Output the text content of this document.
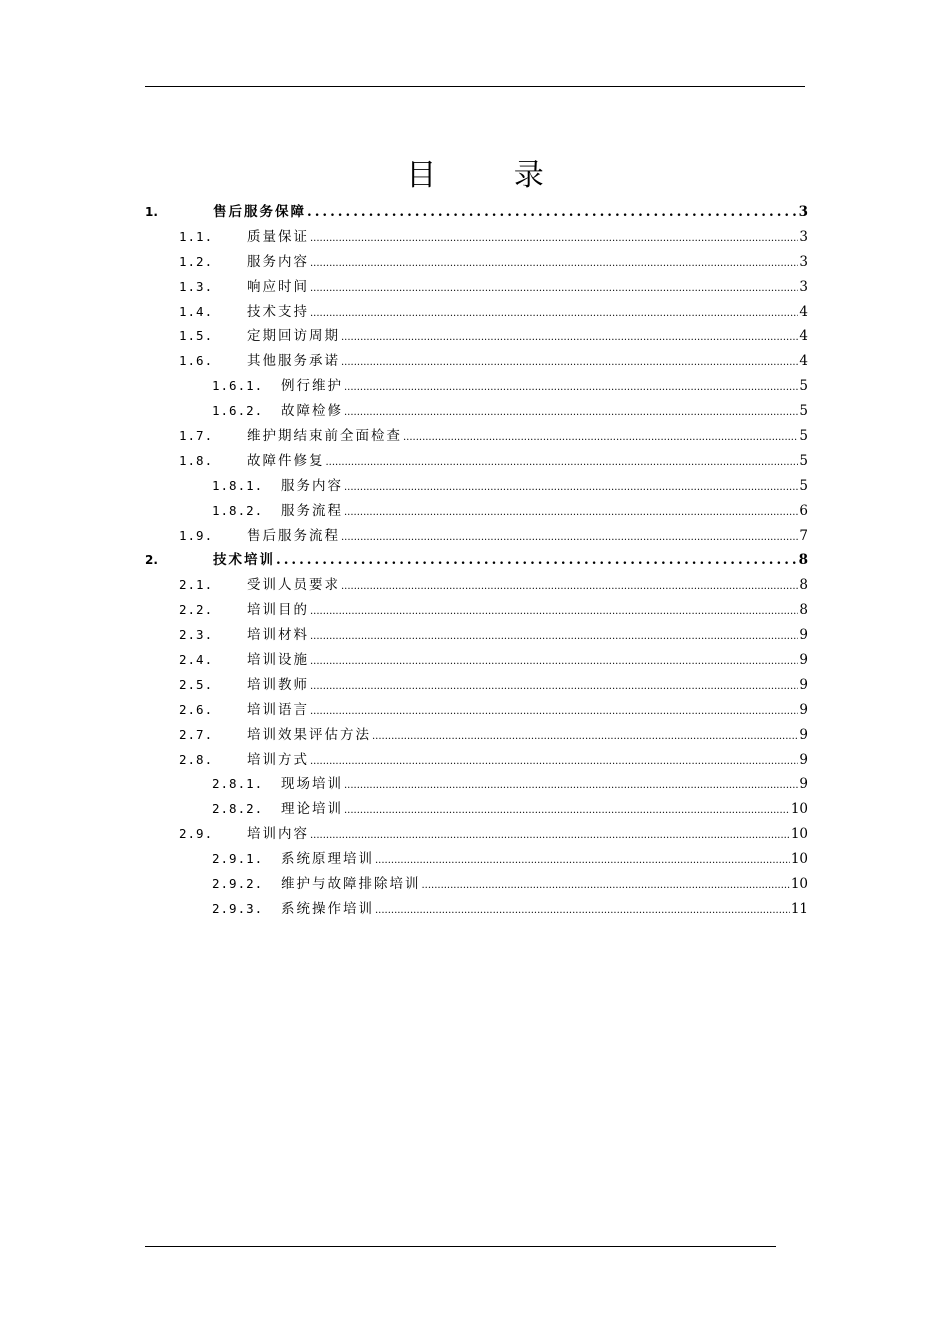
目 录
1.	售后服务保障 .....	3
1.1.	质量保证 .....	3
1.2.	服务内容 .....	3
1.3.	响应时间 .....	3
1.4.	技术支持 .....	4
1.5.	定期回访周期 .....	4
1.6.	其他服务承诺 .....	4
1.6.1. 例行维护 .....	5
1.6.2. 故障检修 .....	5
1.7.	维护期结束前全面检查 .....	5
1.8.	故障件修复 .....	5
1.8.1. 服务内容 .....	5
1.8.2. 服务流程 .....	6
1.9.	售后服务流程 .....	7
2.	技术培训 .....	8
2.1.	受训人员要求 .....	8
2.2.	培训目的 .....	8
2.3.	培训材料 .....	9
2.4.	培训设施 .....	9
2.5.	培训教师 .....	9
2.6.	培训语言 .....	9
2.7.	培训效果评估方法 .....	9
2.8.	培训方式 .....	9
2.8.1. 现场培训 .....	9
2.8.2. 理论培训 .....	10
2.9.	培训内容 .....	10
2.9.1. 系统原理培训 .....	10
2.9.2. 维护与故障排除培训 .....	10
2.9.3. 系统操作培训 .....	11
